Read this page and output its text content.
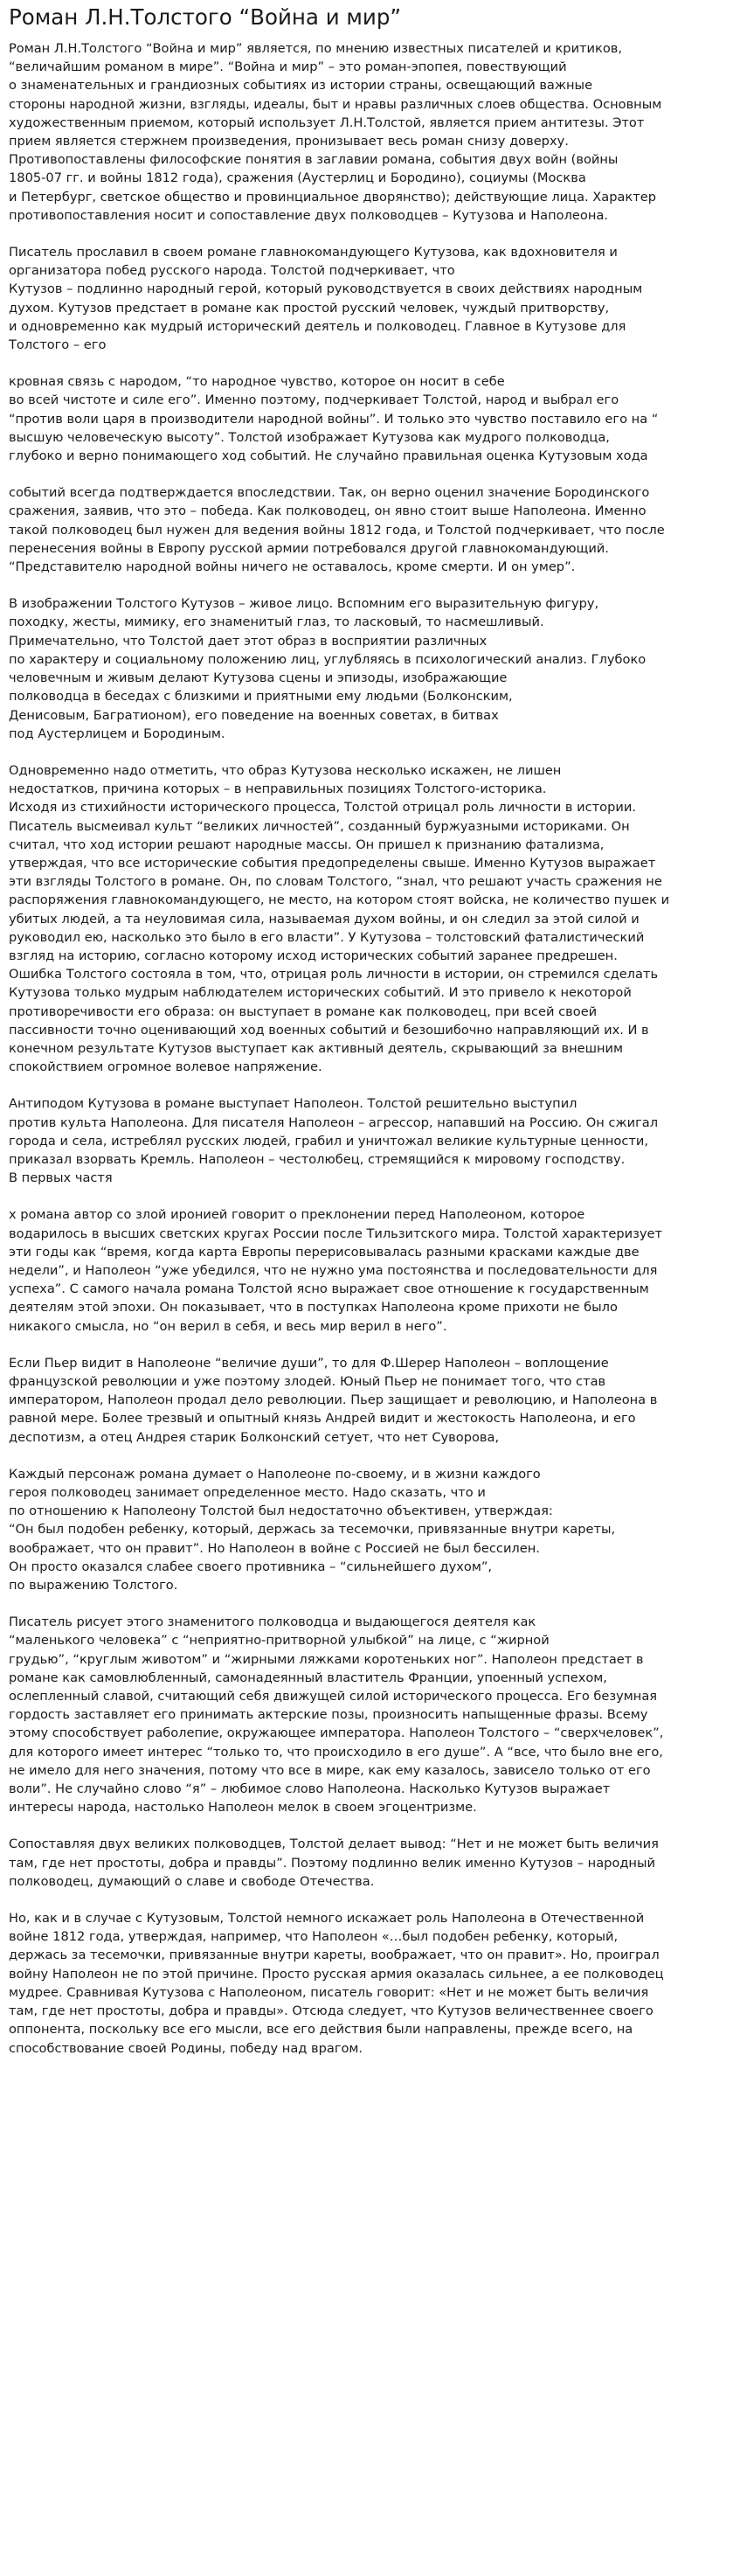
Роман Л.Н.Толстого “Война и мир”

Роман Л.Н.Толстого “Война и мир” является, по мнению известных писателей и критиков,
“величайшим романом в мире”. “Война и мир” – это роман-эпопея, повествующий
о знаменательных и грандиозных событиях из истории страны, освещающий важные
стороны народной жизни, взгляды, идеалы, быт и нравы различных слоев общества. Основным
художественным приемом, который использует Л.Н.Толстой, является прием антитезы. Этот
прием является стержнем произведения, пронизывает весь роман снизу доверху.
Противопоставлены философские понятия в заглавии романа, события двух войн (войны
1805-07 гг. и войны 1812 года), сражения (Аустерлиц и Бородино), социумы (Москва
и Петербург, светское общество и провинциальное дворянство); действующие лица. Характер
противопоставления носит и сопоставление двух полководцев – Кутузова и Наполеона.

Писатель прославил в своем романе главнокомандующего Кутузова, как вдохновителя и
организатора побед русского народа. Толстой подчеркивает, что
Кутузов – подлинно народный герой, который руководствуется в своих действиях народным
духом. Кутузов предстает в романе как простой русский человек, чуждый притворству,
и одновременно как мудрый исторический деятель и полководец. Главное в Кутузове для
Толстого – его

кровная связь с народом, “то народное чувство, которое он носит в себе
во всей чистоте и силе его”. Именно поэтому, подчеркивает Толстой, народ и выбрал его
“против воли царя в производители народной войны”. И только это чувство поставило его на “
высшую человеческую высоту”. Толстой изображает Кутузова как мудрого полководца,
глубоко и верно понимающего ход событий. Не случайно правильная оценка Кутузовым хода

событий всегда подтверждается впоследствии. Так, он верно оценил значение Бородинского
сражения, заявив, что это – победа. Как полководец, он явно стоит выше Наполеона. Именно
такой полководец был нужен для ведения войны 1812 года, и Толстой подчеркивает, что после
перенесения войны в Европу русской армии потребовался другой главнокомандующий.
“Представителю народной войны ничего не оставалось, кроме смерти. И он умер”.

В изображении Толстого Кутузов – живое лицо. Вспомним его выразительную фигуру,
походку, жесты, мимику, его знаменитый глаз, то ласковый, то насмешливый.
Примечательно, что Толстой дает этот образ в восприятии различных
по характеру и социальному положению лиц, углубляясь в психологический анализ. Глубоко
человечным и живым делают Кутузова сцены и эпизоды, изображающие
полководца в беседах с близкими и приятными ему людьми (Болконским,
Денисовым, Багратионом), его поведение на военных советах, в битвах
под Аустерлицем и Бородиным.

Одновременно надо отметить, что образ Кутузова несколько искажен, не лишен
недостатков, причина которых – в неправильных позициях Толстого-историка.
Исходя из стихийности исторического процесса, Толстой отрицал роль личности в истории.
Писатель высмеивал культ “великих личностей”, созданный буржуазными историками. Он
считал, что ход истории решают народные массы. Он пришел к признанию фатализма,
утверждая, что все исторические события предопределены свыше. Именно Кутузов выражает
эти взгляды Толстого в романе. Он, по словам Толстого, “знал, что решают участь сражения не
распоряжения главнокомандующего, не место, на котором стоят войска, не количество пушек и
убитых людей, а та неуловимая сила, называемая духом войны, и он следил за этой силой и
руководил ею, насколько это было в его власти”. У Кутузова – толстовский фаталистический
взгляд на историю, согласно которому исход исторических событий заранее предрешен.
Ошибка Толстого состояла в том, что, отрицая роль личности в истории, он стремился сделать
Кутузова только мудрым наблюдателем исторических событий. И это привело к некоторой
противоречивости его образа: он выступает в романе как полководец, при всей своей
пассивности точно оценивающий ход военных событий и безошибочно направляющий их. И в
конечном результате Кутузов выступает как активный деятель, скрывающий за внешним
спокойствием огромное волевое напряжение.

Антиподом Кутузова в романе выступает Наполеон. Толстой решительно выступил
против культа Наполеона. Для писателя Наполеон – агрессор, напавший на Россию. Он сжигал
города и села, истреблял русских людей, грабил и уничтожал великие культурные ценности,
приказал взорвать Кремль. Наполеон – честолюбец, стремящийся к мировому господству.
В первых частя

х романа автор со злой иронией говорит о преклонении перед Наполеоном, которое
водарилось в высших светских кругах России после Тильзитского мира. Толстой характеризует
эти годы как “время, когда карта Европы перерисовывалась разными красками каждые две
недели”, и Наполеон “уже убедился, что не нужно ума постоянства и последовательности для
успеха”. С самого начала романа Толстой ясно выражает свое отношение к государственным
деятелям этой эпохи. Он показывает, что в поступках Наполеона кроме прихоти не было
никакого смысла, но “он верил в себя, и весь мир верил в него”.

Если Пьер видит в Наполеоне “величие души”, то для Ф.Шерер Наполеон – воплощение
французской революции и уже поэтому злодей. Юный Пьер не понимает того, что став
императором, Наполеон продал дело революции. Пьер защищает и революцию, и Наполеона в
равной мере. Более трезвый и опытный князь Андрей видит и жестокость Наполеона, и его
деспотизм, а отец Андрея старик Болконский сетует, что нет Суворова,

Каждый персонаж романа думает о Наполеоне по-своему, и в жизни каждого
героя полководец занимает определенное место. Надо сказать, что и
по отношению к Наполеону Толстой был недостаточно объективен, утверждая:
“Он был подобен ребенку, который, держась за тесемочки, привязанные внутри кареты,
воображает, что он правит”. Но Наполеон в войне с Россией не был бессилен.
Он просто оказался слабее своего противника – “сильнейшего духом”,
по выражению Толстого.

Писатель рисует этого знаменитого полководца и выдающегося деятеля как
“маленького человека” с “неприятно-притворной улыбкой” на лице, с “жирной
грудью”, “круглым животом” и “жирными ляжками коротеньких ног”. Наполеон предстает в
романе как самовлюбленный, самонадеянный властитель Франции, упоенный успехом,
ослепленный славой, считающий себя движущей силой исторического процесса. Его безумная
гордость заставляет его принимать актерские позы, произносить напыщенные фразы. Всему
этому способствует раболепие, окружающее императора. Наполеон Толстого – “сверхчеловек”,
для которого имеет интерес “только то, что происходило в его душе”. А “все, что было вне его,
не имело для него значения, потому что все в мире, как ему казалось, зависело только от его
воли”. Не случайно слово “я” – любимое слово Наполеона. Насколько Кутузов выражает
интересы народа, настолько Наполеон мелок в своем эгоцентризме.

Сопоставляя двух великих полководцев, Толстой делает вывод: “Нет и не может быть величия
там, где нет простоты, добра и правды”. Поэтому подлинно велик именно Кутузов – народный
полководец, думающий о славе и свободе Отечества.

Но, как и в случае с Кутузовым, Толстой немного искажает роль Наполеона в Отечественной
войне 1812 года, утверждая, например, что Наполеон «…был подобен ребенку, который,
держась за тесемочки, привязанные внутри кареты, воображает, что он правит». Но, проиграл
войну Наполеон не по этой причине. Просто русская армия оказалась сильнее, а ее полководец
мудрее. Сравнивая Кутузова с Наполеоном, писатель говорит: «Нет и не может быть величия
там, где нет простоты, добра и правды». Отсюда следует, что Кутузов величественнее своего
оппонента, поскольку все его мысли, все его действия были направлены, прежде всего, на
способствование своей Родины, победу над врагом.
